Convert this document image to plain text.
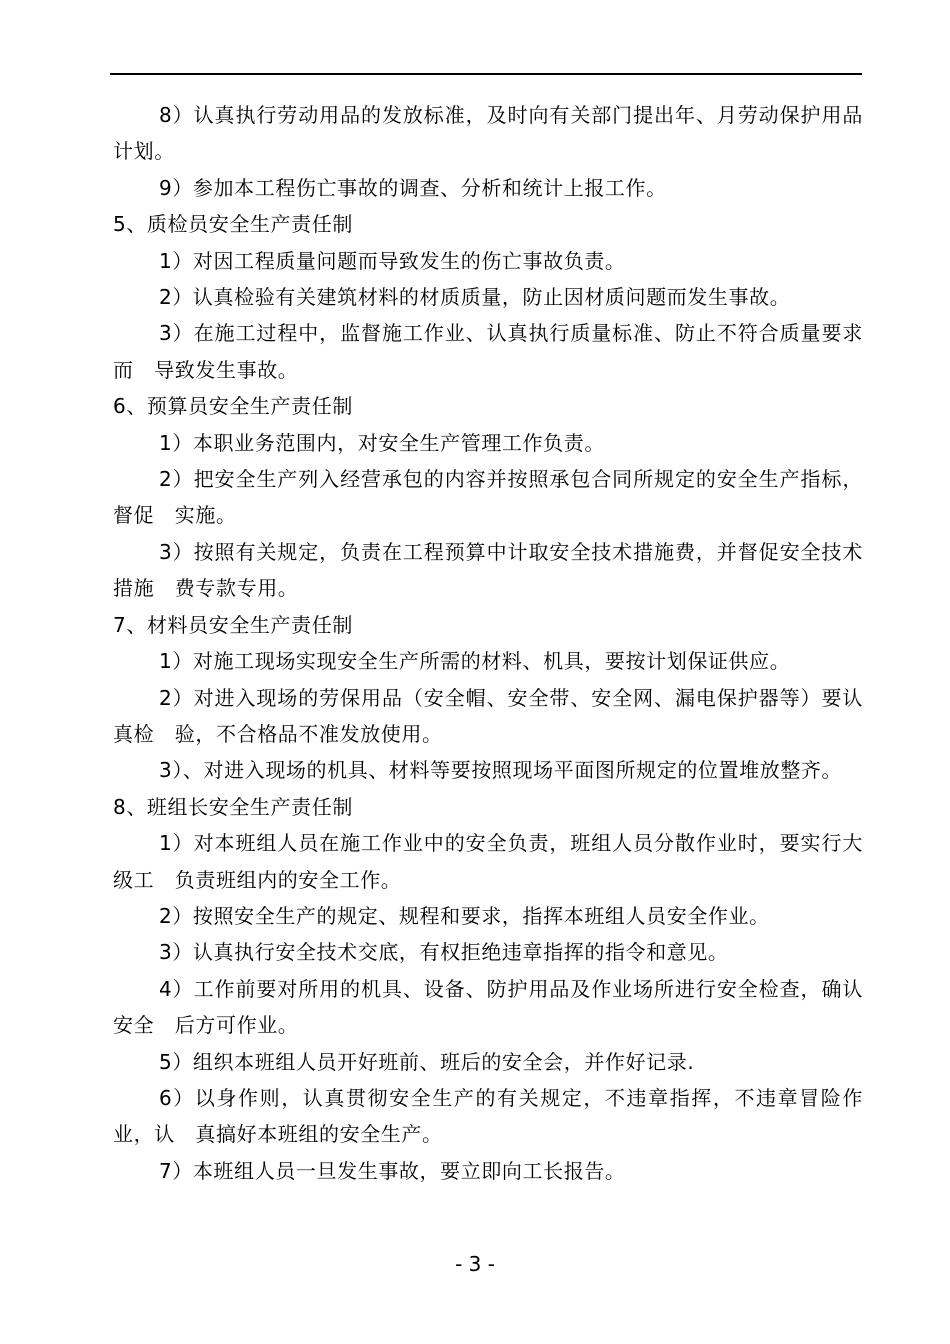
8）认真执行劳动用品的发放标准，及时向有关部门提出年、月劳动保护用品计划。

9）参加本工程伤亡事故的调查、分析和统计上报工作。

5、质检员安全生产责任制

1）对因工程质量问题而导致发生的伤亡事故负责。

2）认真检验有关建筑材料的材质质量，防止因材质问题而发生事故。

3）在施工过程中，监督施工作业、认真执行质量标准、防止不符合质量要求而　导致发生事故。

6、预算员安全生产责任制

1）本职业务范围内，对安全生产管理工作负责。

2）把安全生产列入经营承包的内容并按照承包合同所规定的安全生产指标，督促　实施。

3）按照有关规定，负责在工程预算中计取安全技术措施费，并督促安全技术措施　费专款专用。

7、材料员安全生产责任制

1）对施工现场实现安全生产所需的材料、机具，要按计划保证供应。

2）对进入现场的劳保用品（安全帽、安全带、安全网、漏电保护器等）要认真检　验，不合格品不准发放使用。

3）、对进入现场的机具、材料等要按照现场平面图所规定的位置堆放整齐。

8、班组长安全生产责任制

1）对本班组人员在施工作业中的安全负责，班组人员分散作业时，要实行大级工　负责班组内的安全工作。

2）按照安全生产的规定、规程和要求，指挥本班组人员安全作业。

3）认真执行安全技术交底，有权拒绝违章指挥的指令和意见。

4）工作前要对所用的机具、设备、防护用品及作业场所进行安全检查，确认安全　后方可作业。

5）组织本班组人员开好班前、班后的安全会，并作好记录.

6）以身作则，认真贯彻安全生产的有关规定，不违章指挥，不违章冒险作业，认　真搞好本班组的安全生产。

7）本班组人员一旦发生事故，要立即向工长报告。

- 3 -
